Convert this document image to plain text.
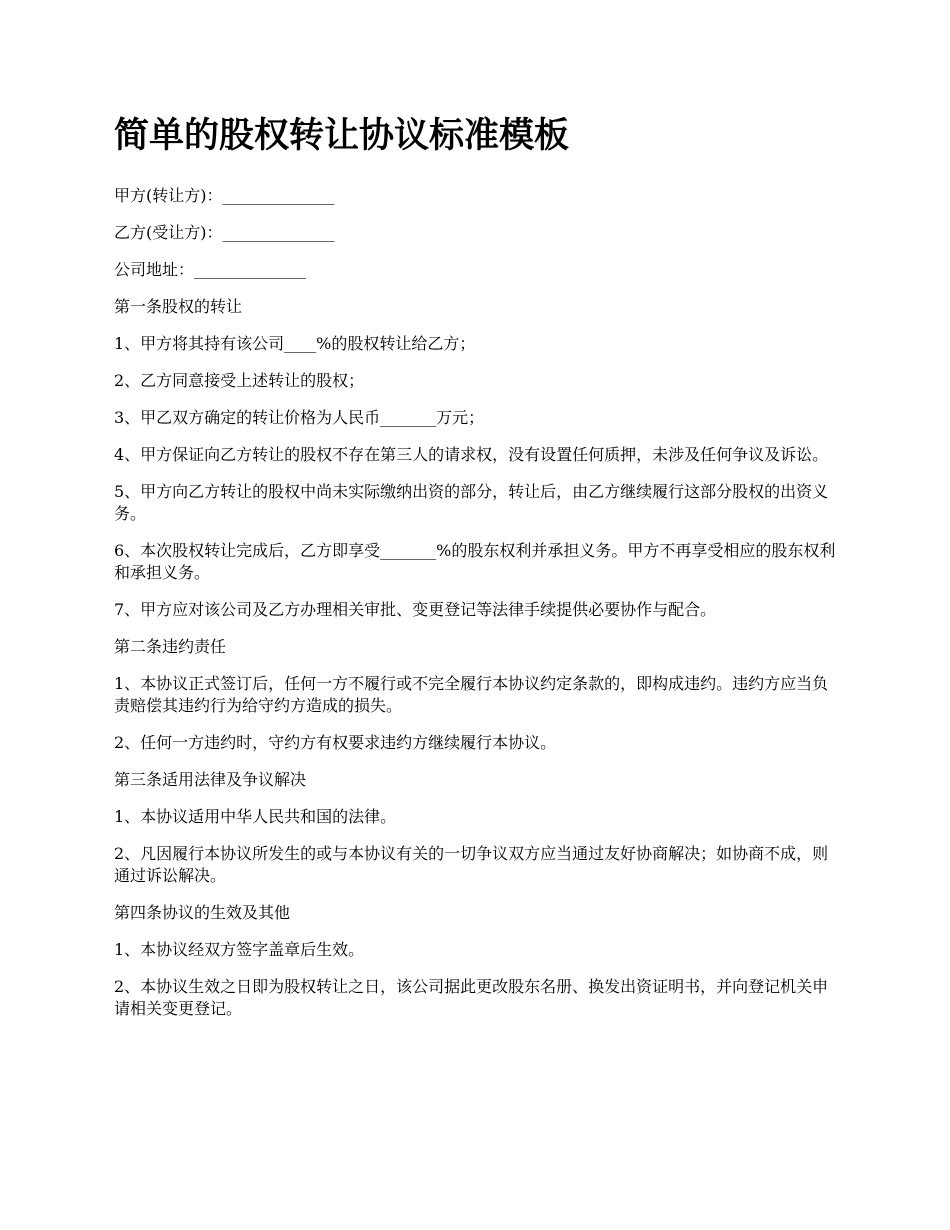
简单的股权转让协议标准模板

甲方(转让方)：______________

乙方(受让方)：______________

公司地址：______________

第一条股权的转让

1、甲方将其持有该公司____%的股权转让给乙方；

2、乙方同意接受上述转让的股权；

3、甲乙双方确定的转让价格为人民币_______万元；

4、甲方保证向乙方转让的股权不存在第三人的请求权，没有设置任何质押，未涉及任何争议及诉讼。

5、甲方向乙方转让的股权中尚未实际缴纳出资的部分，转让后，由乙方继续履行这部分股权的出资义务。

6、本次股权转让完成后，乙方即享受_______%的股东权利并承担义务。甲方不再享受相应的股东权利和承担义务。

7、甲方应对该公司及乙方办理相关审批、变更登记等法律手续提供必要协作与配合。

第二条违约责任

1、本协议正式签订后，任何一方不履行或不完全履行本协议约定条款的，即构成违约。违约方应当负责赔偿其违约行为给守约方造成的损失。

2、任何一方违约时，守约方有权要求违约方继续履行本协议。

第三条适用法律及争议解决

1、本协议适用中华人民共和国的法律。

2、凡因履行本协议所发生的或与本协议有关的一切争议双方应当通过友好协商解决；如协商不成，则通过诉讼解决。

第四条协议的生效及其他

1、本协议经双方签字盖章后生效。

2、本协议生效之日即为股权转让之日，该公司据此更改股东名册、换发出资证明书，并向登记机关申请相关变更登记。
